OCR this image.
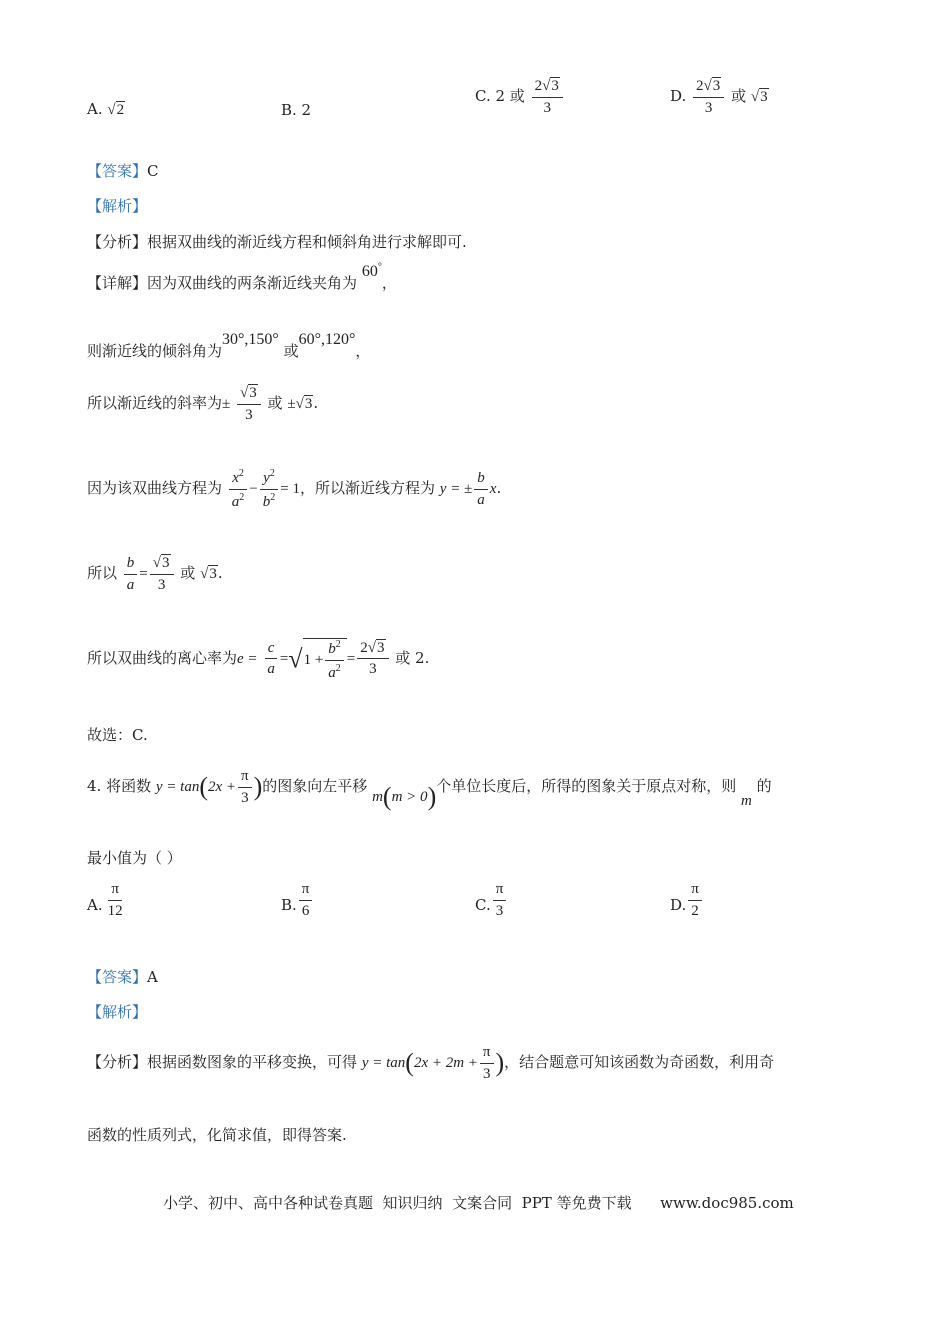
A. √2	B. 2
C. 2 或 $\frac{2√3}{3}$	D. $\frac{2√3}{3}$ 或 √3
【答案】C
【解析】
【分析】根据双曲线的渐近线方程和倾斜角进行求解即可.
【详解】因为双曲线的两条渐近线夹角为 60°，
则渐近线的倾斜角为30°,150° 或60°,120°，
所以渐近线的斜率为± $\frac{√3}{3}$ 或 ±√3.
因为该双曲线方程为 $\frac{x^2}{a^2} - \frac{y^2}{b^2} = 1$，所以渐近线方程为 y = ± $\frac{b}{a} x$.
所以 $\frac{b}{a} = \frac{√3}{3}$ 或 √3.
所以双曲线的离心率为$e = \frac{c}{a}$ =√ $1 + \frac{b^2}{a^2} = \frac{2√3}{3}$ 或 2.
故选：C.
4. 将函数 $y = \tan(2x + \frac{\pi}{3}$ )的图象向左平移 m(m > 0)个单位长度后，所得的图象关于原点对称，则 m 的
最小值为（ ）
A. $\frac{\pi}{12}$	B. $\frac{\pi}{6}$	C. $\frac{\pi}{3}$	D. $\frac{\pi}{2}$
【答案】A
【解析】
【分析】根据函数图象的平移变换，可得 $y = \tan(2x + 2m + \frac{\pi}{3}$ )，结合题意可知该函数为奇函数，利用奇
函数的性质列式，化简求值，即得答案.
小学、初中、高中各种试卷真题  知识归纳  文案合同  PPT 等免费下载      www.doc985.com
